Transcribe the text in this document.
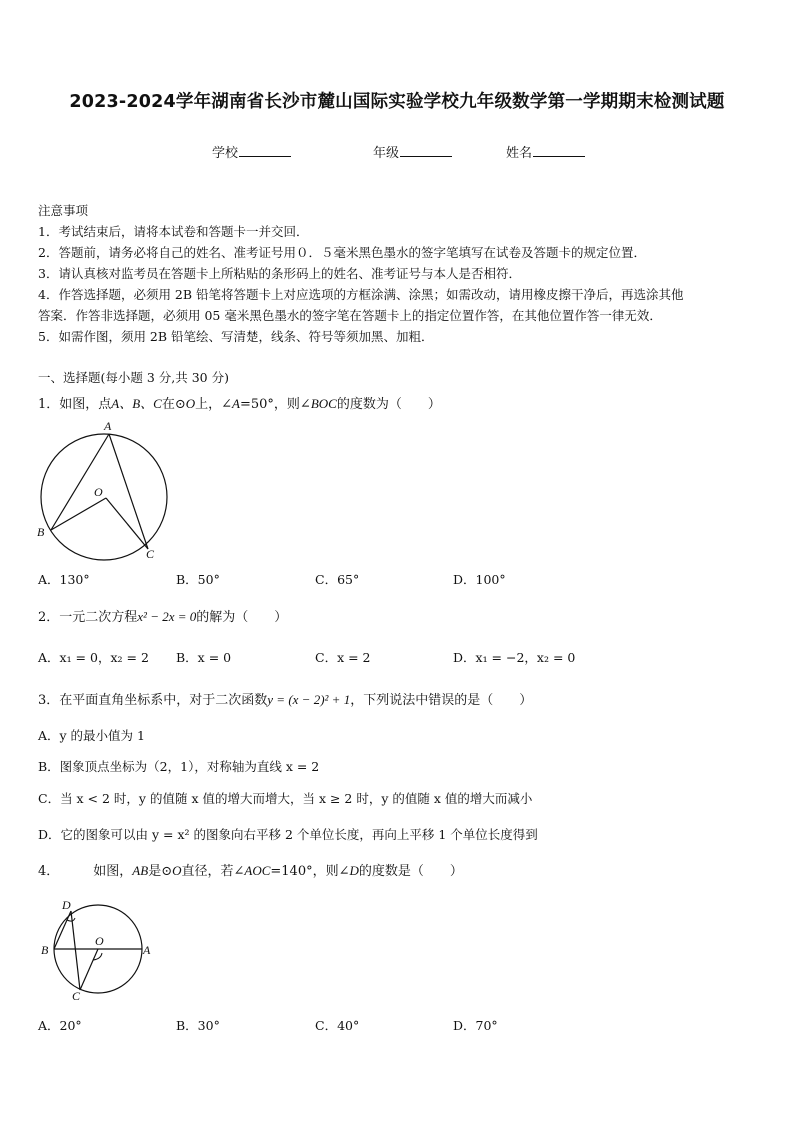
2023-2024学年湖南省长沙市麓山国际实验学校九年级数学第一学期期末检测试题
学校	年级	姓名
注意事项
1．考试结束后，请将本试卷和答题卡一并交回．
2．答题前，请务必将自己的姓名、准考证号用０．５毫米黑色墨水的签字笔填写在试卷及答题卡的规定位置．
3．请认真核对监考员在答题卡上所粘贴的条形码上的姓名、准考证号与本人是否相符．
4．作答选择题，必须用 2B 铅笔将答题卡上对应选项的方框涂满、涂黑；如需改动，请用橡皮擦干净后，再选涂其他
答案．作答非选择题，必须用 05 毫米黑色墨水的签字笔在答题卡上的指定位置作答，在其他位置作答一律无效．
5．如需作图，须用 2B 铅笔绘、写清楚，线条、符号等须加黑、加粗．
一、选择题(每小题 3 分,共 30 分)
1．如图，点A、B、C在⊙O上，∠A=50°，则∠BOC的度数为（　　）
A
B
C
O
A．130°	B．50°	C．65°	D．100°
2．一元二次方程x² − 2x = 0的解为（　　）
A．x₁ = 0，x₂ = 2 B．x = 0	C．x = 2	D．x₁ = −2，x₂ = 0
3．在平面直角坐标系中，对于二次函数y = (x − 2)² + 1，下列说法中错误的是（　　）
A．y 的最小值为 1
B．图象顶点坐标为（2，1），对称轴为直线 x = 2
C．当 x < 2 时，y 的值随 x 值的增大而增大，当 x ≥ 2 时，y 的值随 x 值的增大而减小
D．它的图象可以由 y = x² 的图象向右平移 2 个单位长度，再向上平移 1 个单位长度得到
4．	如图，AB是⊙O直径，若∠AOC=140°，则∠D的度数是（　　）
D
B	A
O
C
A．20°	B．30°	C．40°	D．70°
